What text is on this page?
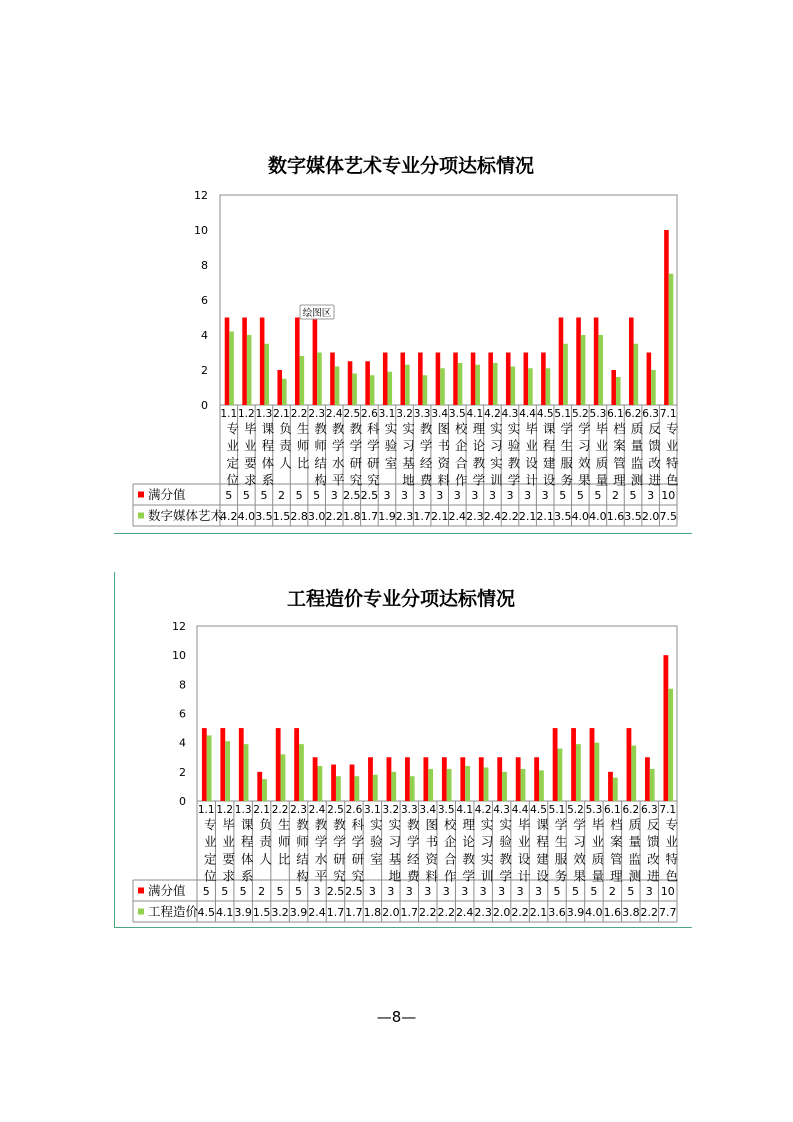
数字媒体艺术专业分项达标情况
0
2
4
6
8
10
12
1.1
专业定位
1.2
毕业要求
1.3
课程体系
2.1
负责人
2.2
生师比
2.3
教师结构
2.4
教学水平
2.5
教学研究
2.6
科学研究
3.1
实验室
3.2
实习基地
3.3
教学经费
3.4
图书资料
3.5
校企合作
4.1
理论教学
4.2
实习实训
4.3
实验教学
4.4
毕业设计
4.5
课程建设
5.1
学生服务
5.2
学习效果
5.3
毕业质量
6.1
档案管理
6.2
质量监测
6.3
反馈改进
7.1
专业特色
满分值	5 5 5 2 5 5 3 2.5 2.5 3 3 3 3 3 3 3 3 3 3 5 5 5 2 5 3 10
数字媒体艺术
4.2 4.0 3.5 1.5 2.8 3.0 2.2 1.8 1.7 1.9 2.3 1.7 2.1 2.4 2.3 2.4 2.2 2.1 2.1 3.5 4.0 4.0 1.6 3.5 2.0 7.5
绘图区
工程造价专业分项达标情况
0
2
4
6
8
10
12
1.1
专业定位
1.2
毕业要求
1.3
课程体系
2.1
负责人
2.2
生师比
2.3
教师结构
2.4
教学水平
2.5
教学研究
2.6
科学研究
3.1
实验室
3.2
实习基地
3.3
教学经费
3.4
图书资料
3.5
校企合作
4.1
理论教学
4.2
实习实训
4.3
实验教学
4.4
毕业设计
4.5
课程建设
5.1
学生服务
5.2
学习效果
5.3
毕业质量
6.1
档案管理
6.2
质量监测
6.3
反馈改进
7.1
专业特色
满分值 5 5 5 2 5 5 3 2.5 2.5 3 3 3 3 3 3 3 3 3 3 5 5 5 2 5 3 10
工程造价 4.5 4.1 3.9 1.5 3.2 3.9 2.4 1.7 1.7 1.8 2.0 1.7 2.2 2.2 2.4 2.3 2.0 2.2 2.1 3.6 3.9 4.0 1.6 3.8 2.2 7.7
—8—
